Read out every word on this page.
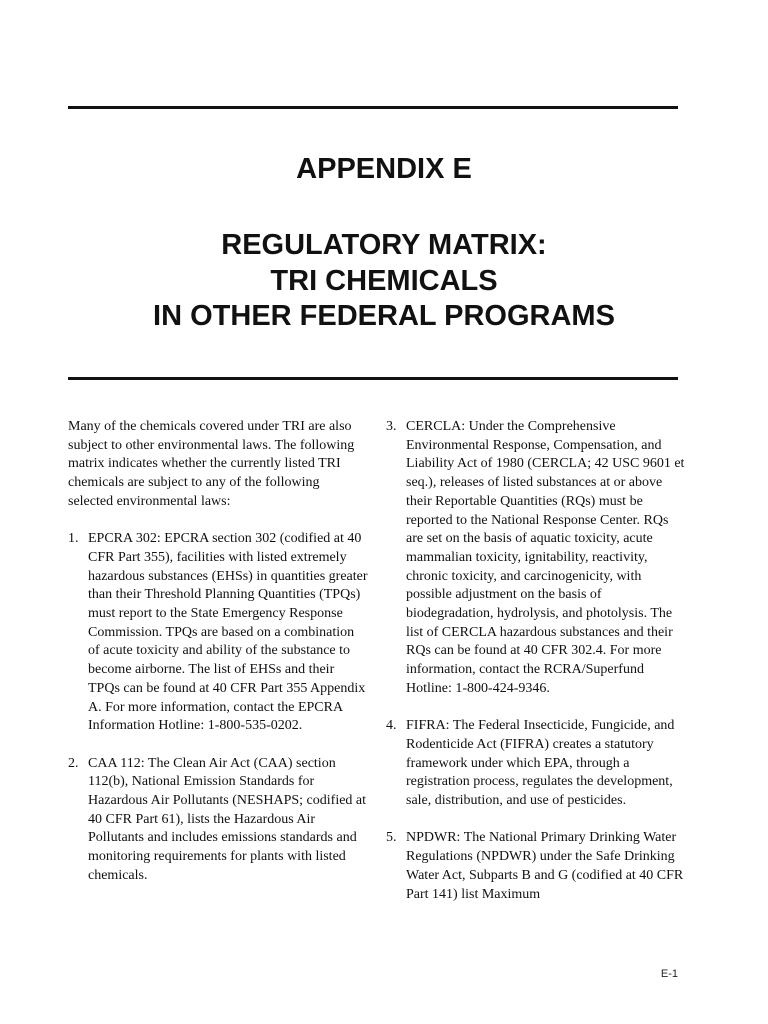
APPENDIX E
REGULATORY MATRIX:
TRI CHEMICALS
IN OTHER FEDERAL PROGRAMS

Many of the chemicals covered under TRI are also subject to other environmental laws. The following matrix indicates whether the currently listed TRI chemicals are subject to any of the following selected environmental laws:

1. EPCRA 302: EPCRA section 302 (codified at 40 CFR Part 355), facilities with listed extremely hazardous substances (EHSs) in quantities greater than their Threshold Planning Quantities (TPQs) must report to the State Emergency Response Commission. TPQs are based on a combination of acute toxicity and ability of the substance to become airborne. The list of EHSs and their TPQs can be found at 40 CFR Part 355 Appendix A. For more information, contact the EPCRA Information Hotline: 1-800-535-0202.
2. CAA 112: The Clean Air Act (CAA) section 112(b), National Emission Standards for Hazardous Air Pollutants (NESHAPS; codified at 40 CFR Part 61), lists the Hazardous Air Pollutants and includes emissions standards and monitoring requirements for plants with listed chemicals.
3. CERCLA: Under the Comprehensive Environmental Response, Compensation, and Liability Act of 1980 (CERCLA; 42 USC 9601 et seq.), releases of listed substances at or above their Reportable Quantities (RQs) must be reported to the National Response Center. RQs are set on the basis of aquatic toxicity, acute mammalian toxicity, ignitability, reactivity, chronic toxicity, and carcinogenicity, with possible adjustment on the basis of biodegradation, hydrolysis, and photolysis. The list of CERCLA hazardous substances and their RQs can be found at 40 CFR 302.4. For more information, contact the RCRA/Superfund Hotline: 1-800-424-9346.
4. FIFRA: The Federal Insecticide, Fungicide, and Rodenticide Act (FIFRA) creates a statutory framework under which EPA, through a registration process, regulates the development, sale, distribution, and use of pesticides.
5. NPDWR: The National Primary Drinking Water Regulations (NPDWR) under the Safe Drinking Water Act, Subparts B and G (codified at 40 CFR Part 141) list Maximum
E-1
